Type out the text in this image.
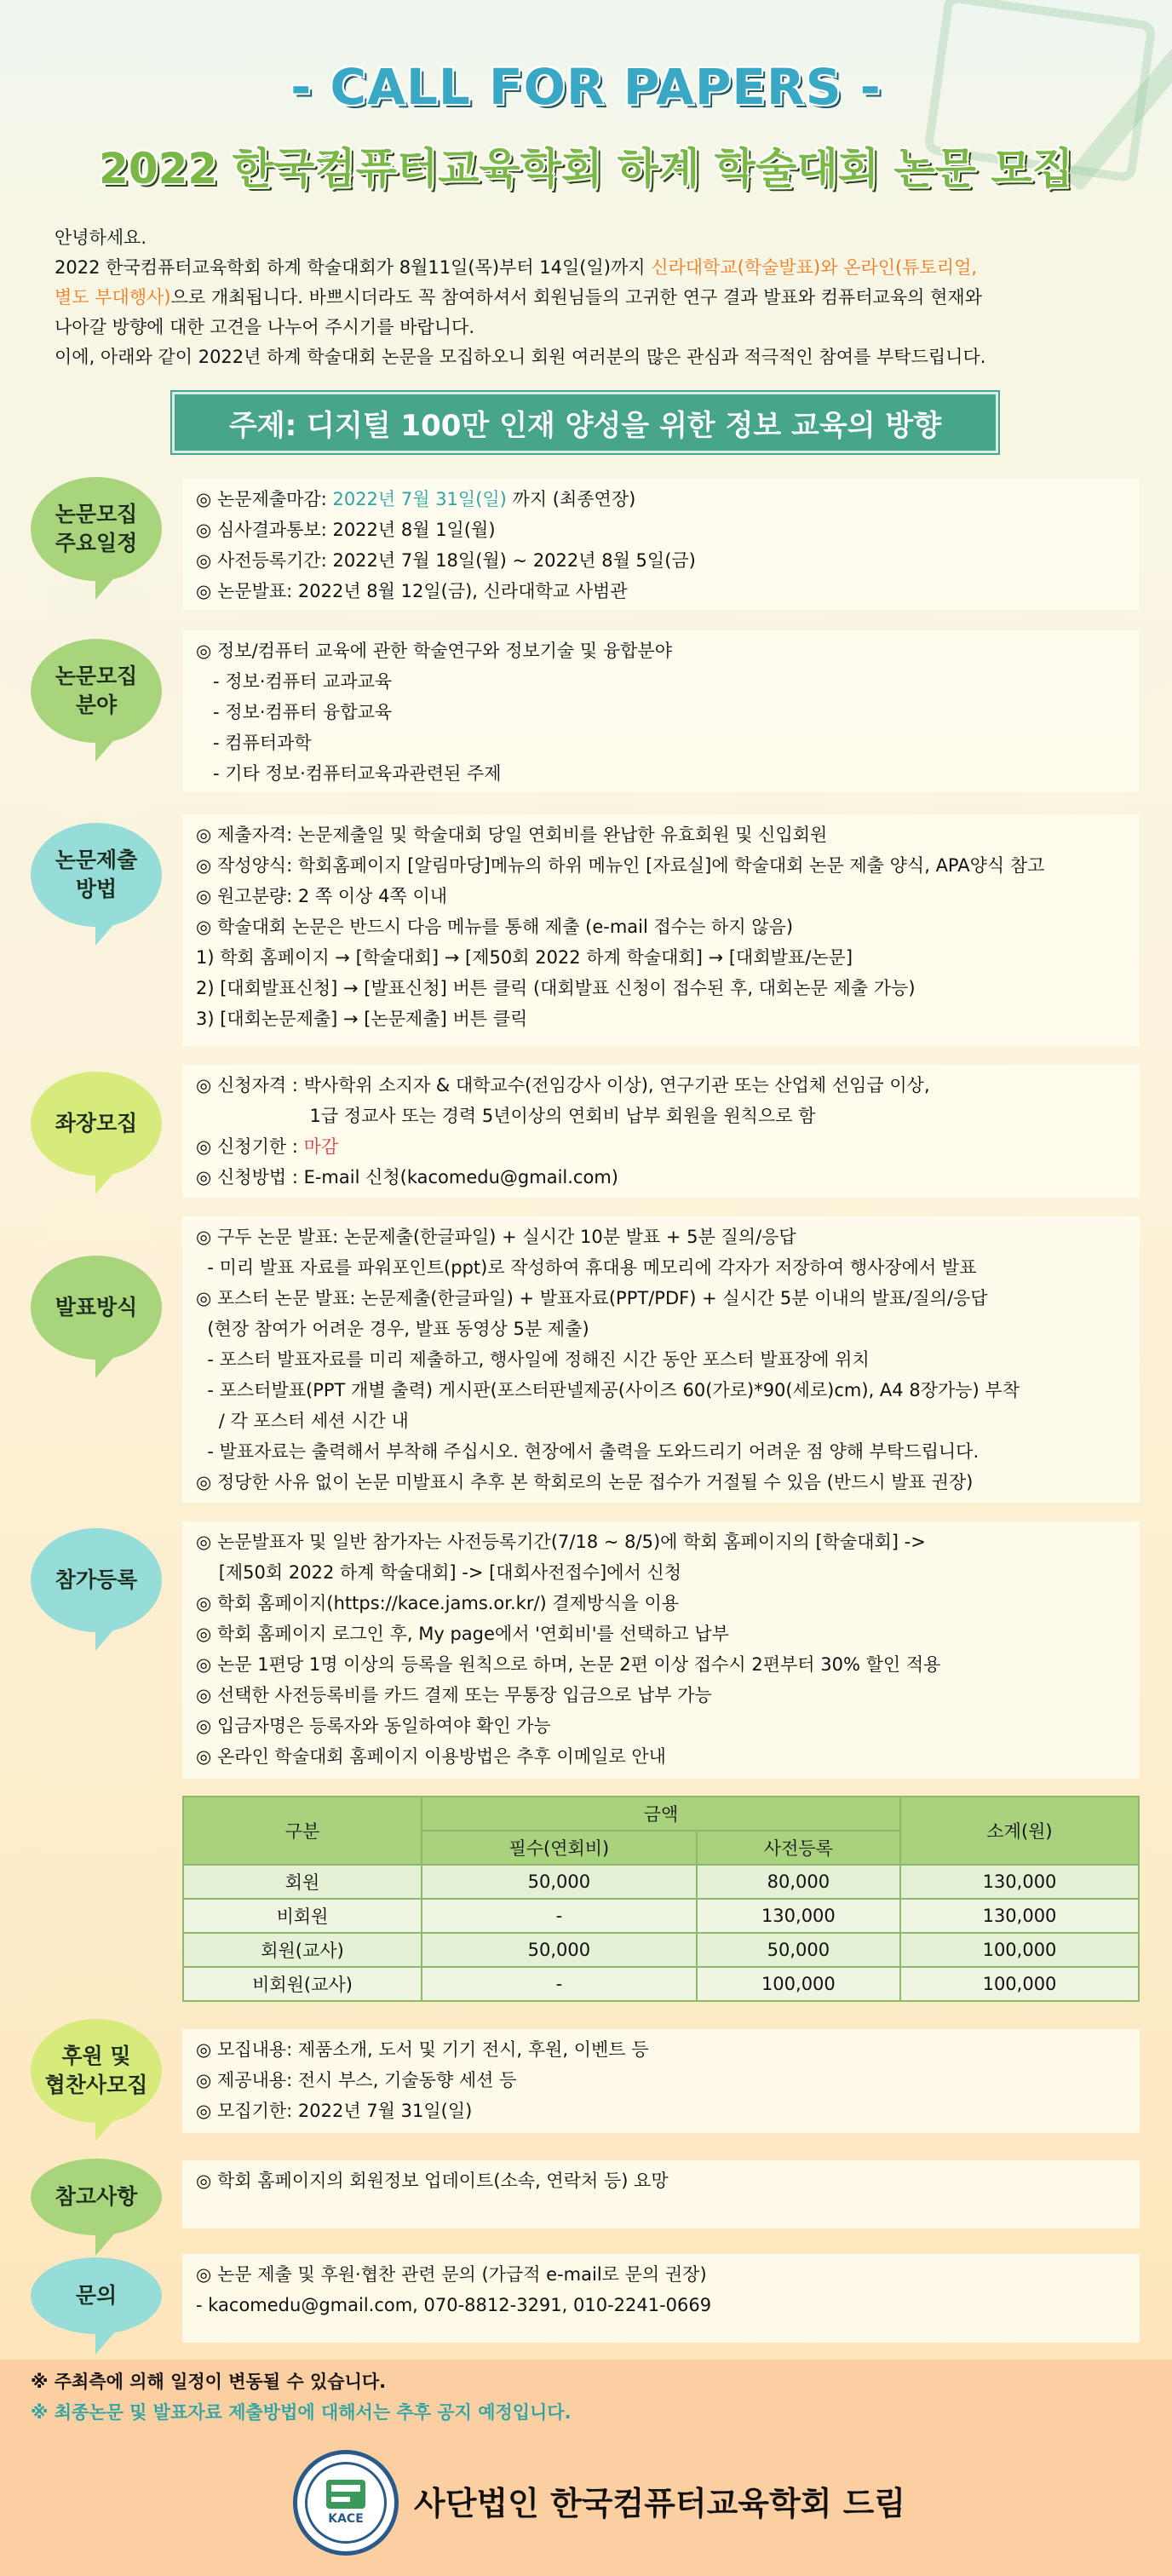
- CALL FOR PAPERS -
2022 한국컴퓨터교육학회 하계 학술대회 논문 모집

안녕하세요.

2022 한국컴퓨터교육학회 하계 학술대회가 8월11일(목)부터 14일(일)까지 신라대학교(학술발표)와 온라인(튜토리얼,

별도 부대행사)으로 개최됩니다. 바쁘시더라도 꼭 참여하셔서 회원님들의 고귀한 연구 결과 발표와 컴퓨터교육의 현재와

나아갈 방향에 대한 고견을 나누어 주시기를 바랍니다.

이에, 아래와 같이 2022년 하계 학술대회 논문을 모집하오니 회원 여러분의 많은 관심과 적극적인 참여를 부탁드립니다.

주제: 디지털 100만 인재 양성을 위한 정보 교육의 방향
논문모집
주요일정
◎ 논문제출마감: 2022년 7월 31일(일) 까지 (최종연장)
◎ 심사결과통보: 2022년 8월 1일(월)
◎ 사전등록기간: 2022년 7월 18일(월) ~ 2022년 8월 5일(금)
◎ 논문발표: 2022년 8월 12일(금), 신라대학교 사범관
논문모집
분야
◎ 정보/컴퓨터 교육에 관한 학술연구와 정보기술 및 융합분야
- 정보·컴퓨터 교과교육
- 정보·컴퓨터 융합교육
- 컴퓨터과학
- 기타 정보·컴퓨터교육과관련된 주제
논문제출
방법
◎ 제출자격: 논문제출일 및 학술대회 당일 연회비를 완납한 유효회원 및 신입회원
◎ 작성양식: 학회홈페이지 [알림마당]메뉴의 하위 메뉴인 [자료실]에 학술대회 논문 제출 양식, APA양식 참고
◎ 원고분량: 2 쪽 이상 4쪽 이내
◎ 학술대회 논문은 반드시 다음 메뉴를 통해 제출 (e-mail 접수는 하지 않음)
1) 학회 홈페이지 → [학술대회] → [제50회 2022 하계 학술대회] → [대회발표/논문]
2) [대회발표신청] → [발표신청] 버튼 클릭 (대회발표 신청이 접수된 후, 대회논문 제출 가능)
3) [대회논문제출] → [논문제출] 버튼 클릭
좌장모집
◎ 신청자격 : 박사학위 소지자 & 대학교수(전임강사 이상), 연구기관 또는 산업체 선임급 이상,
1급 정교사 또는 경력 5년이상의 연회비 납부 회원을 원칙으로 함
◎ 신청기한 : 마감
◎ 신청방법 : E-mail 신청(kacomedu@gmail.com)
발표방식
◎ 구두 논문 발표: 논문제출(한글파일) + 실시간 10분 발표 + 5분 질의/응답
- 미리 발표 자료를 파워포인트(ppt)로 작성하여 휴대용 메모리에 각자가 저장하여 행사장에서 발표
◎ 포스터 논문 발표: 논문제출(한글파일) + 발표자료(PPT/PDF) + 실시간 5분 이내의 발표/질의/응답
(현장 참여가 어려운 경우, 발표 동영상 5분 제출)
- 포스터 발표자료를 미리 제출하고, 행사일에 정해진 시간 동안 포스터 발표장에 위치
- 포스터발표(PPT 개별 출력) 게시판(포스터판넬제공(사이즈 60(가로)*90(세로)cm), A4 8장가능) 부착
/ 각 포스터 세션 시간 내
- 발표자료는 출력해서 부착해 주십시오. 현장에서 출력을 도와드리기 어려운 점 양해 부탁드립니다.
◎ 정당한 사유 없이 논문 미발표시 추후 본 학회로의 논문 접수가 거절될 수 있음 (반드시 발표 권장)
참가등록
◎ 논문발표자 및 일반 참가자는 사전등록기간(7/18 ~ 8/5)에 학회 홈페이지의 [학술대회] ->
[제50회 2022 하계 학술대회] -> [대회사전접수]에서 신청
◎ 학회 홈페이지(https://kace.jams.or.kr/) 결제방식을 이용
◎ 학회 홈페이지 로그인 후, My page에서 '연회비'를 선택하고 납부
◎ 논문 1편당 1명 이상의 등록을 원칙으로 하며, 논문 2편 이상 접수시 2편부터 30% 할인 적용
◎ 선택한 사전등록비를 카드 결제 또는 무통장 입금으로 납부 가능
◎ 입금자명은 등록자와 동일하여야 확인 가능
◎ 온라인 학술대회 홈페이지 이용방법은 추후 이메일로 안내
구분	금액		소계(원)
	필수(연회비)	사전등록	
회원	50,000	80,000	130,000
비회원	-	130,000	130,000
회원(교사)	50,000	50,000	100,000
비회원(교사)	-	100,000	100,000
후원 및
협찬사모집
◎ 모집내용: 제품소개, 도서 및 기기 전시, 후원, 이벤트 등
◎ 제공내용: 전시 부스, 기술동향 세션 등
◎ 모집기한: 2022년 7월 31일(일)
참고사항
◎ 학회 홈페이지의 회원정보 업데이트(소속, 연락처 등) 요망
문의
◎ 논문 제출 및 후원·협찬 관련 문의 (가급적 e-mail로 문의 권장)
- kacomedu@gmail.com, 070-8812-3291, 010-2241-0669
※ 주최측에 의해 일정이 변동될 수 있습니다.
※ 최종논문 및 발표자료 제출방법에 대해서는 추후 공지 예정입니다.
KACE 사단법인 한국컴퓨터교육학회 드림
